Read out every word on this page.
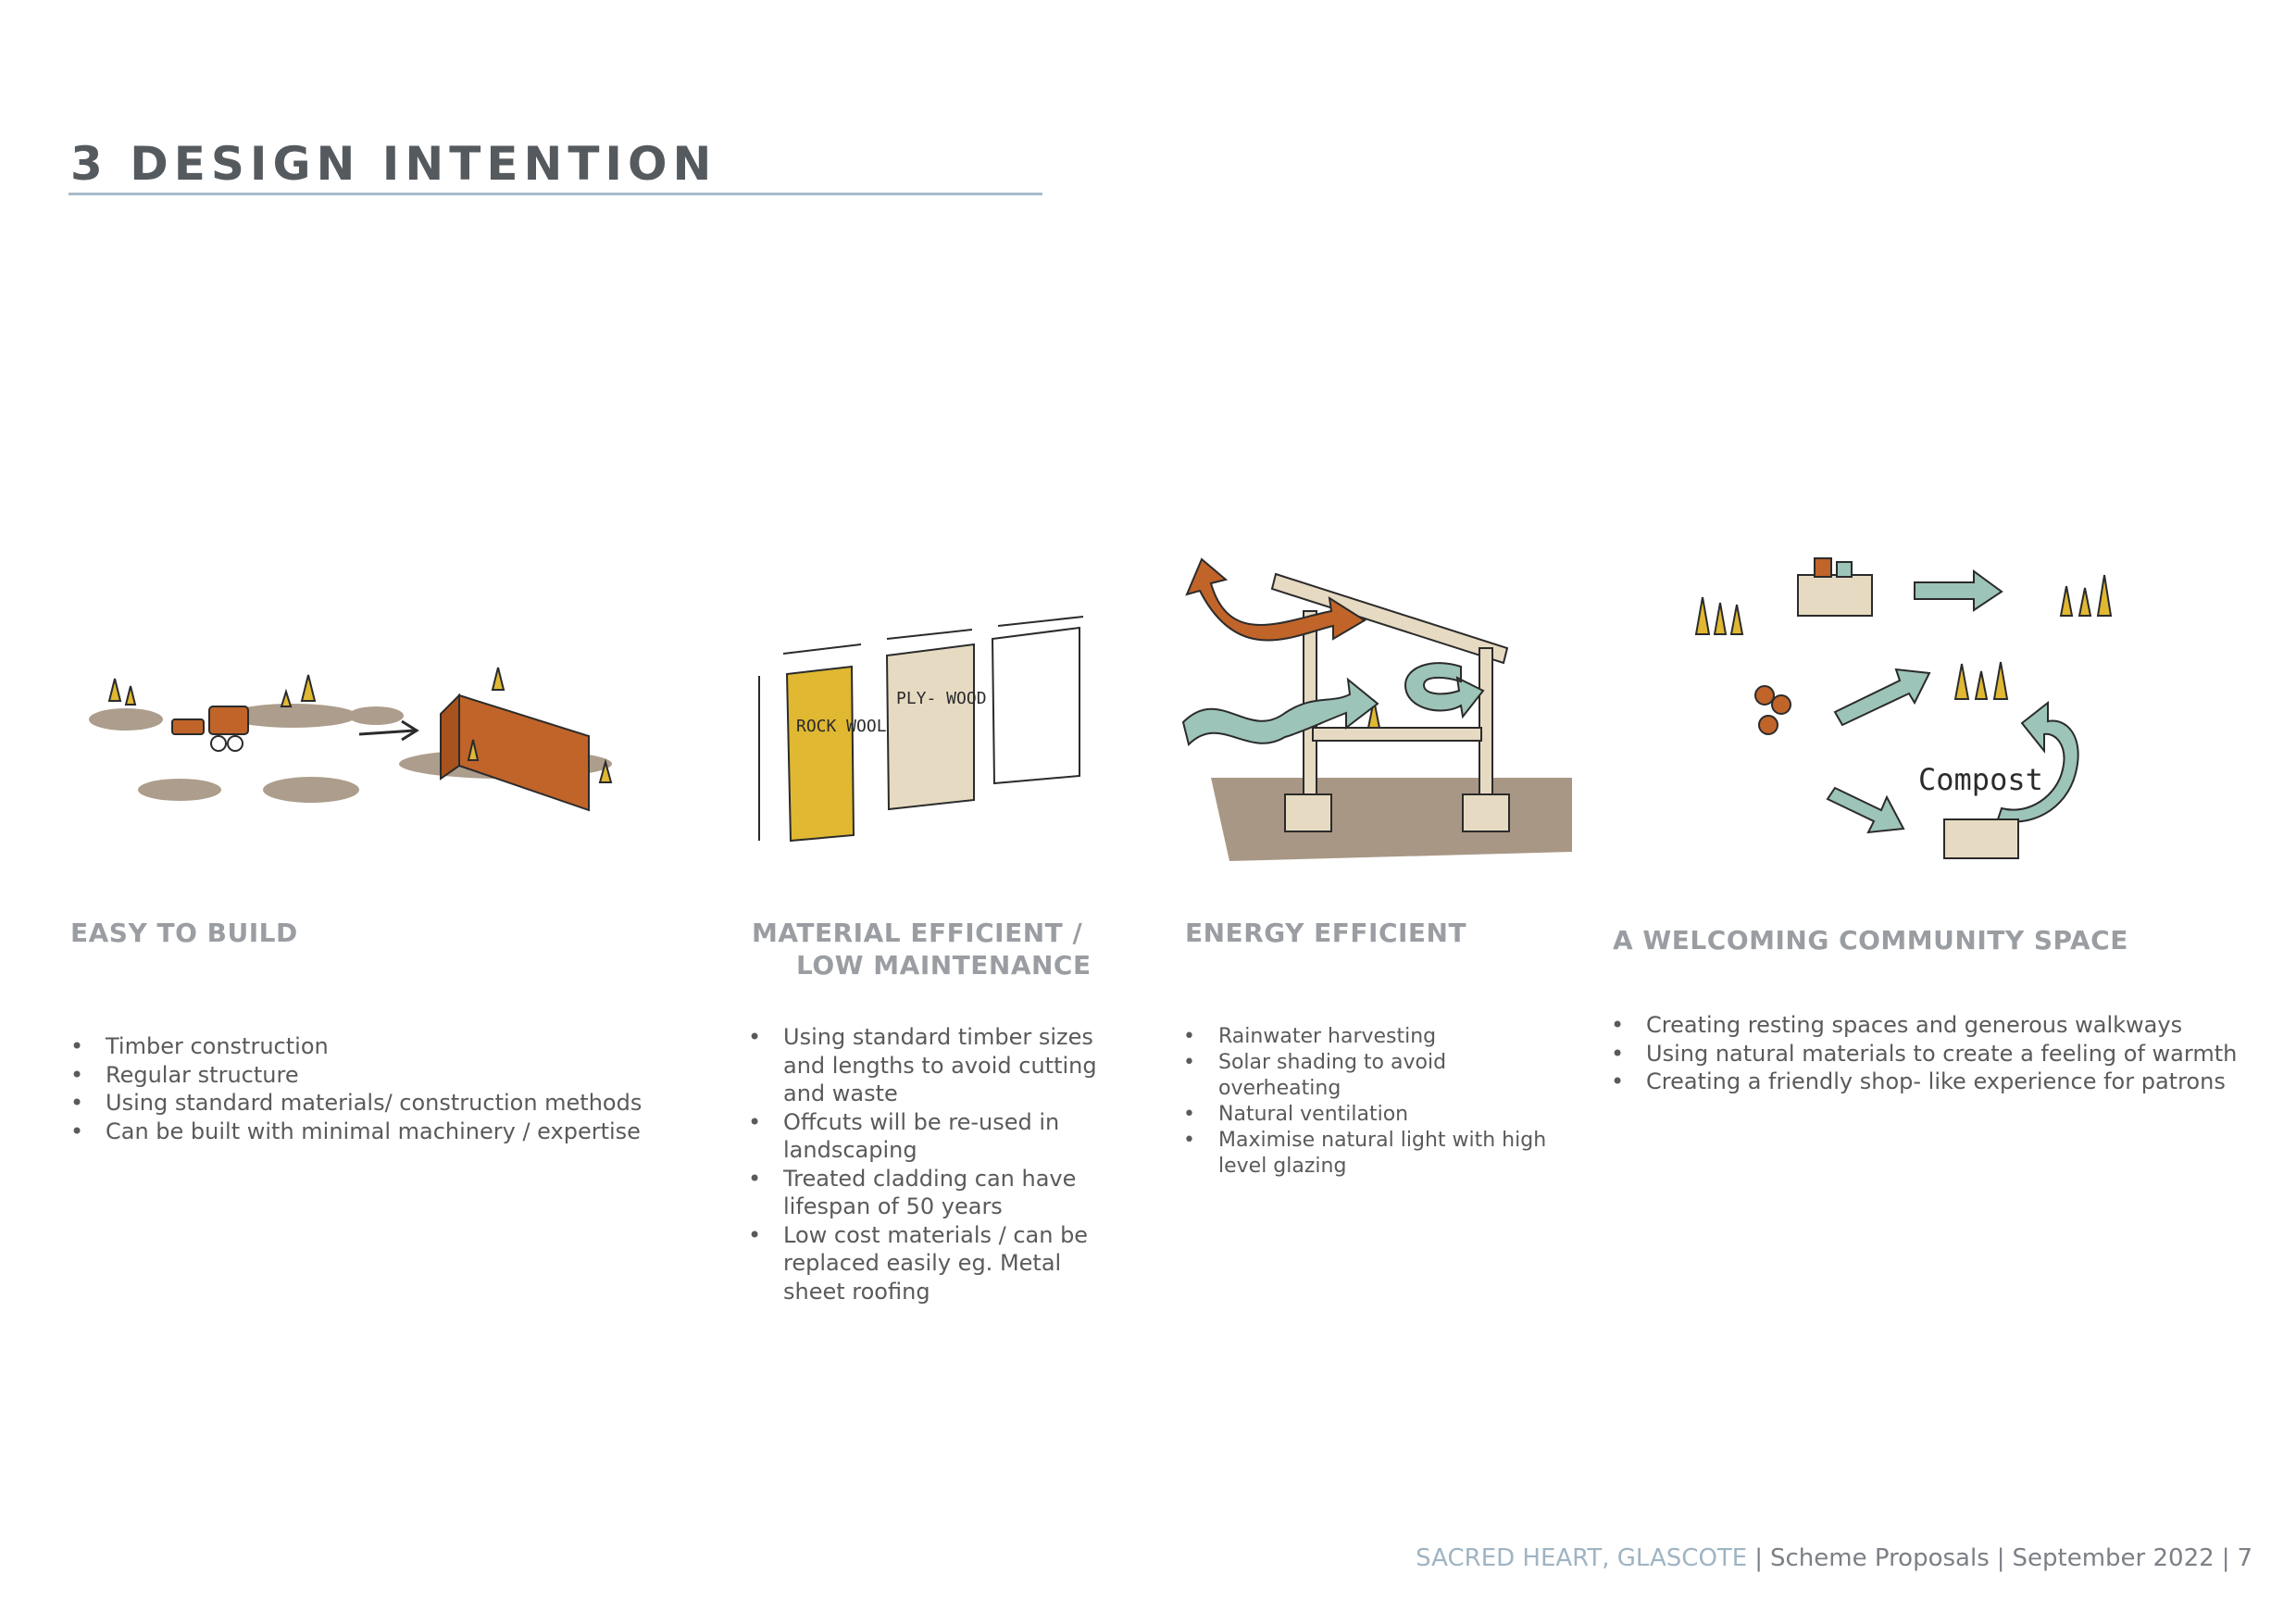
3 DESIGN INTENTION
ROCK WOOL
PLY- WOOD
Compost
EASY TO BUILD
• Timber construction
• Regular structure
• Using standard materials/ construction methods
• Can be built with minimal machinery / expertise
MATERIAL EFFICIENT /
LOW MAINTENANCE
• Using standard timber sizes and lengths to avoid cutting and waste
• Offcuts will be re-used in landscaping
• Treated cladding can have lifespan of 50 years
• Low cost materials / can be replaced easily eg. Metal sheet roofing
ENERGY EFFICIENT
• Rainwater harvesting
• Solar shading to avoid overheating
• Natural ventilation
• Maximise natural light with high level glazing
A WELCOMING COMMUNITY SPACE
• Creating resting spaces and generous walkways
• Using natural materials to create a feeling of warmth
• Creating a friendly shop- like experience for patrons
SACRED HEART, GLASCOTE | Scheme Proposals | September 2022 | 7
